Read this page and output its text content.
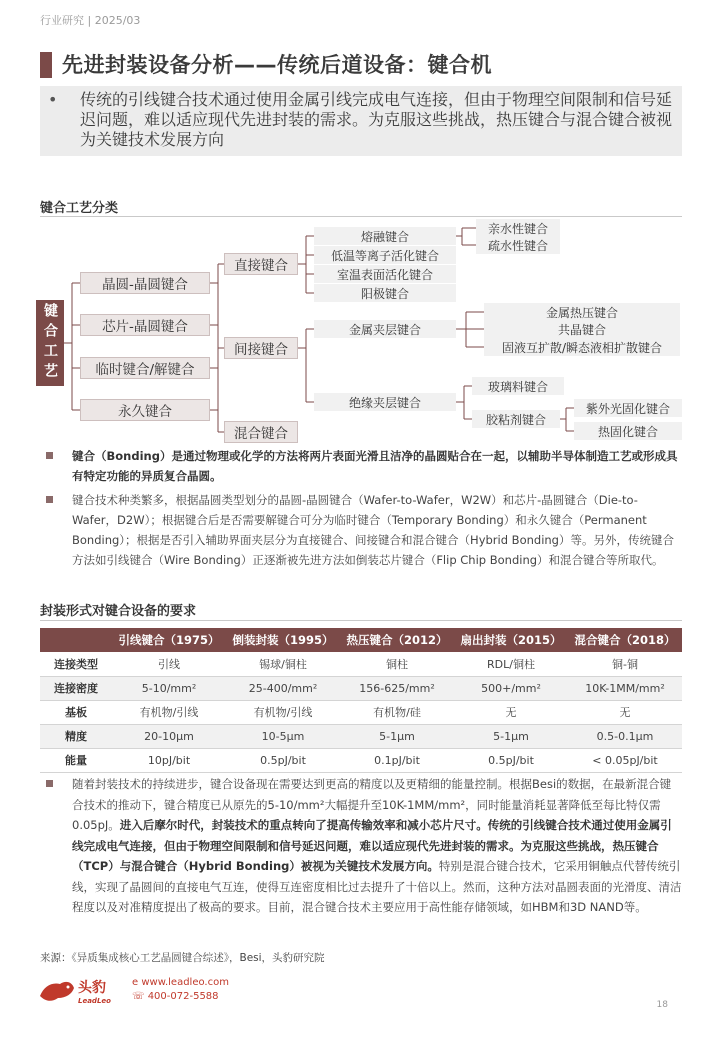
行业研究 | 2025/03
先进封装设备分析——传统后道设备：键合机
• 传统的引线键合技术通过使用金属引线完成电气连接，但由于物理空间限制和信号延迟问题，难以适应现代先进封装的需求。为克服这些挑战，热压键合与混合键合被视为关键技术发展方向
键合工艺分类
键合工艺
晶圆-晶圆键合
芯片-晶圆键合
临时键合/解键合
永久键合
直接键合
间接键合
混合键合
熔融键合
低温等离子活化键合
室温表面活化键合
阳极键合
亲水性键合
疏水性键合
金属夹层键合
绝缘夹层键合
金属热压键合
共晶键合
固液互扩散/瞬态液相扩散键合
玻璃料键合
胶粘剂键合
紫外光固化键合
热固化键合
键合（Bonding）是通过物理或化学的方法将两片表面光滑且洁净的晶圆贴合在一起，以辅助半导体制造工艺或形成具有特定功能的异质复合晶圆。
键合技术种类繁多，根据晶圆类型划分的晶圆-晶圆键合（Wafer-to-Wafer，W2W）和芯片-晶圆键合（Die-to-Wafer，D2W）；根据键合后是否需要解键合可分为临时键合（Temporary Bonding）和永久键合（Permanent Bonding）；根据是否引入辅助界面夹层分为直接键合、间接键合和混合键合（Hybrid Bonding）等。另外，传统键合方法如引线键合（Wire Bonding）正逐渐被先进方法如倒装芯片键合（Flip Chip Bonding）和混合键合等所取代。
封装形式对键合设备的要求
	引线键合（1975）	倒装封装（1995）	热压键合（2012）	扇出封装（2015）	混合键合（2018）
连接类型	引线	锡球/铜柱	铜柱	RDL/铜柱	铜-铜
连接密度	5-10/mm²	25-400/mm²	156-625/mm²	500+/mm²	10K-1MM/mm²
基板	有机物/引线	有机物/引线	有机物/硅	无	无
精度	20-10μm	10-5μm	5-1μm	5-1μm	0.5-0.1μm
能量	10pJ/bit	0.5pJ/bit	0.1pJ/bit	0.5pJ/bit	< 0.05pJ/bit
随着封装技术的持续进步，键合设备现在需要达到更高的精度以及更精细的能量控制。根据Besi的数据，在最新混合键合技术的推动下，键合精度已从原先的5-10/mm²大幅提升至10K-1MM/mm²，同时能量消耗显著降低至每比特仅需0.05pJ。进入后摩尔时代，封装技术的重点转向了提高传输效率和减小芯片尺寸。传统的引线键合技术通过使用金属引线完成电气连接，但由于物理空间限制和信号延迟问题，难以适应现代先进封装的需求。为克服这些挑战，热压键合（TCP）与混合键合（Hybrid Bonding）被视为关键技术发展方向。特别是混合键合技术，它采用铜触点代替传统引线，实现了晶圆间的直接电气互连，使得互连密度相比过去提升了十倍以上。然而，这种方法对晶圆表面的光滑度、清洁程度以及对准精度提出了极高的要求。目前，混合键合技术主要应用于高性能存储领域，如HBM和3D NAND等。
来源：《异质集成核心工艺晶圆键合综述》，Besi，头豹研究院
头豹
LeadLeo
e www.leadleo.com
☏ 400-072-5588
18
